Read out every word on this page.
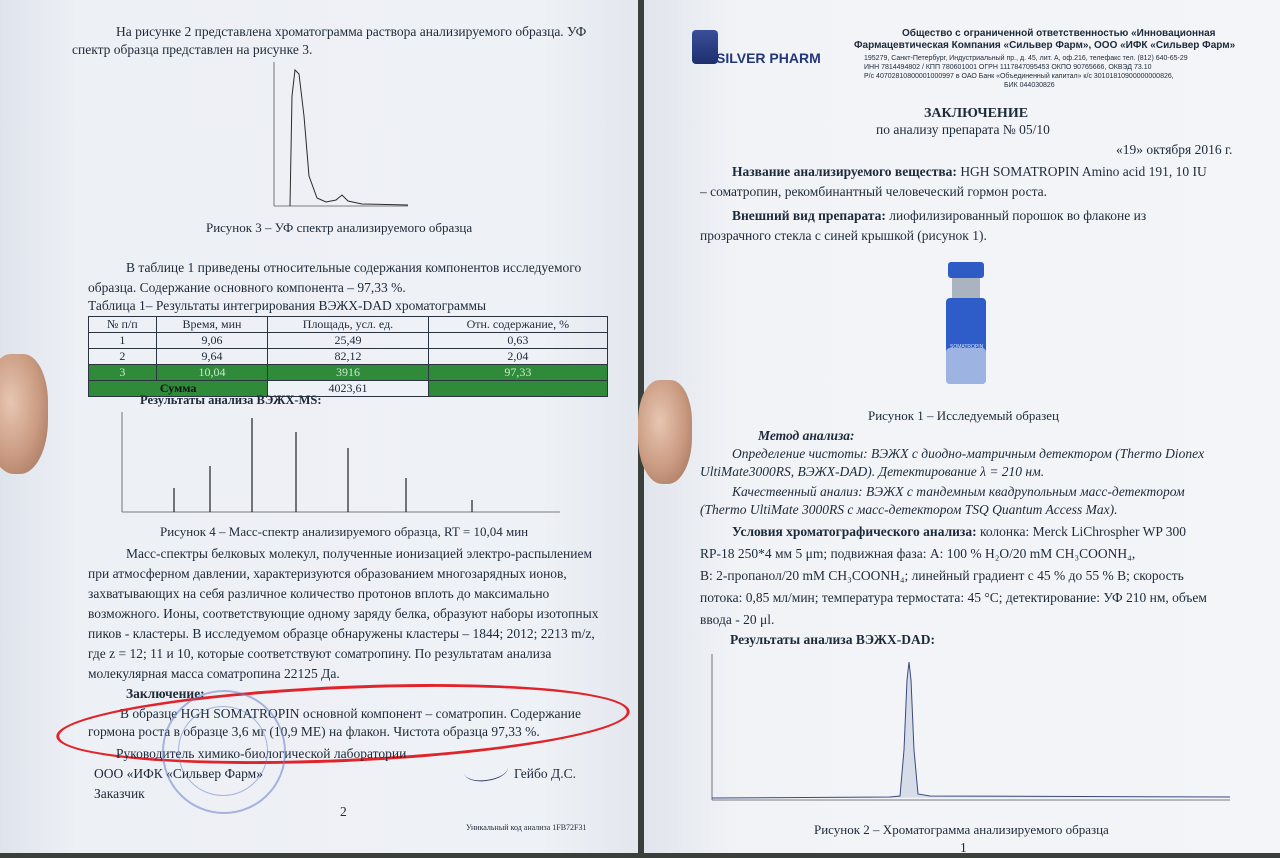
На рисунке 2 представлена хроматограмма раствора анализируемого образца. УФ
спектр образца представлен на рисунке 3.
Рисунок 3 – УФ спектр анализируемого образца
В таблице 1 приведены относительные содержания компонентов исследуемого
образца. Содержание основного компонента – 97,33 %.
Таблица 1– Результаты интегрирования ВЭЖХ-DAD хроматограммы
№ п/п	Время, мин	Площадь, усл. ед.	Отн. содержание, %
1	9,06	25,49	0,63
2	9,64	82,12	2,04
3	10,04	3916	97,33
Сумма		4023,61	
Результаты анализа ВЭЖХ-MS:
Рисунок 4 – Масс-спектр анализируемого образца, RT = 10,04 мин
Масс-спектры белковых молекул, полученные ионизацией электро-распылением
при атмосферном давлении, характеризуются образованием многозарядных ионов,
захватывающих на себя различное количество протонов вплоть до максимально
возможного. Ионы, соответствующие одному заряду белка, образуют наборы изотопных
пиков - кластеры. В исследуемом образце обнаружены кластеры – 1844; 2012; 2213 m/z,
где z = 12; 11 и 10, которые соответствуют соматропину. По результатам анализа
молекулярная масса соматропина 22125 Да.
Заключение:
В образце HGH SOMATROPIN основной компонент – соматропин. Содержание
гормона роста в образце 3,6 мг (10,9 МЕ) на флакон. Чистота образца 97,33 %.
Руководитель химико-биологической лаборатории
ООО «ИФК «Сильвер Фарм»	Гейбо Д.С.
Заказчик
2
Уникальный код анализа 1FB72F31
SILVER PHARM
Общество с ограниченной ответственностью «Инновационная
Фармацевтическая Компания «Сильвер Фарм», ООО «ИФК «Сильвер Фарм»
195279, Санкт-Петербург, Индустриальный пр., д. 45, лит. А, оф.216, телефакс тел. (812) 640-65-29
ИНН 7814494802 / КПП 780601001 ОГРН 1117847095453 ОКПО 90765666, ОКВЭД 73.10
Р/с 40702810800001000997 в ОАО Банк «Объединенный капитал» к/с 30101810900000000826,
БИК 044030826
ЗАКЛЮЧЕНИЕ
по анализу препарата № 05/10
«19» октября 2016 г.
Название анализируемого вещества: HGH SOMATROPIN Amino acid 191, 10 IU
– соматропин, рекомбинантный человеческий гормон роста.
Внешний вид препарата: лиофилизированный порошок во флаконе из
прозрачного стекла с синей крышкой (рисунок 1).
SOMATROPIN
Рисунок 1 – Исследуемый образец
Метод анализа:
Определение чистоты: ВЭЖХ с диодно-матричным детектором (Thermo Dionex
UltiMate3000RS, ВЭЖХ-DAD). Детектирование λ = 210 нм.
Качественный анализ: ВЭЖХ с тандемным квадрупольным масс-детектором
(Thermo UltiMate 3000RS с масс-детектором TSQ Quantum Access Max).
Условия хроматографического анализа: колонка: Merck LiChrospher WP 300
RP-18 250*4 мм 5 μm; подвижная фаза: A: 100 % H₂O/20 mM CH₃COONH₄,
B: 2-пропанол/20 mM CH₃COONH₄; линейный градиент с 45 % до 55 % B; скорость
потока: 0,85 мл/мин; температура термостата: 45 °С; детектирование: УФ 210 нм, объем
ввода - 20 μl.
Результаты анализа ВЭЖХ-DAD:
Рисунок 2 – Хроматограмма анализируемого образца
1
